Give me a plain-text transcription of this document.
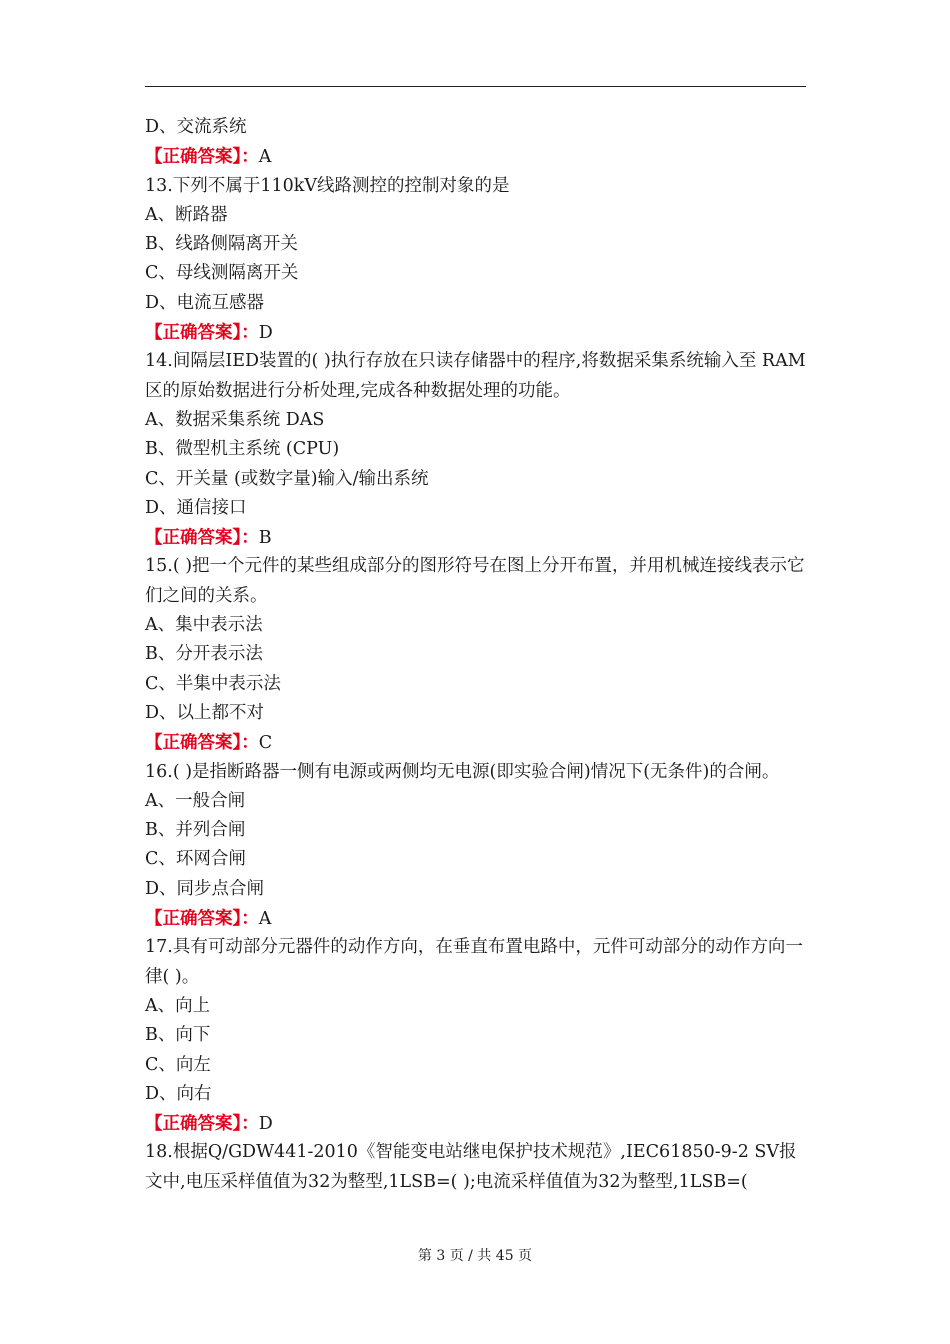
D、交流系统
【正确答案】：A
13.下列不属于110kV线路测控的控制对象的是
A、断路器
B、线路侧隔离开关
C、母线测隔离开关
D、电流互感器
【正确答案】：D
14.间隔层IED装置的( )执行存放在只读存储器中的程序,将数据采集系统输入至 RAM 区的原始数据进行分析处理,完成各种数据处理的功能。
A、数据采集系统 DAS
B、微型机主系统 (CPU)
C、开关量 (或数字量)输入/输出系统
D、通信接口
【正确答案】：B
15.( )把一个元件的某些组成部分的图形符号在图上分开布置，并用机械连接线表示它们之间的关系。
A、集中表示法
B、分开表示法
C、半集中表示法
D、以上都不对
【正确答案】：C
16.( )是指断路器一侧有电源或两侧均无电源(即实验合闸)情况下(无条件)的合闸。
A、一般合闸
B、并列合闸
C、环网合闸
D、同步点合闸
【正确答案】：A
17.具有可动部分元器件的动作方向，在垂直布置电路中，元件可动部分的动作方向一律( )。
A、向上
B、向下
C、向左
D、向右
【正确答案】：D
18.根据Q/GDW441-2010《智能变电站继电保护技术规范》,IEC61850-9-2 SV报文中,电压采样值值为32为整型,1LSB=( );电流采样值值为32为整型,1LSB=(
第 3 页 / 共 45 页
